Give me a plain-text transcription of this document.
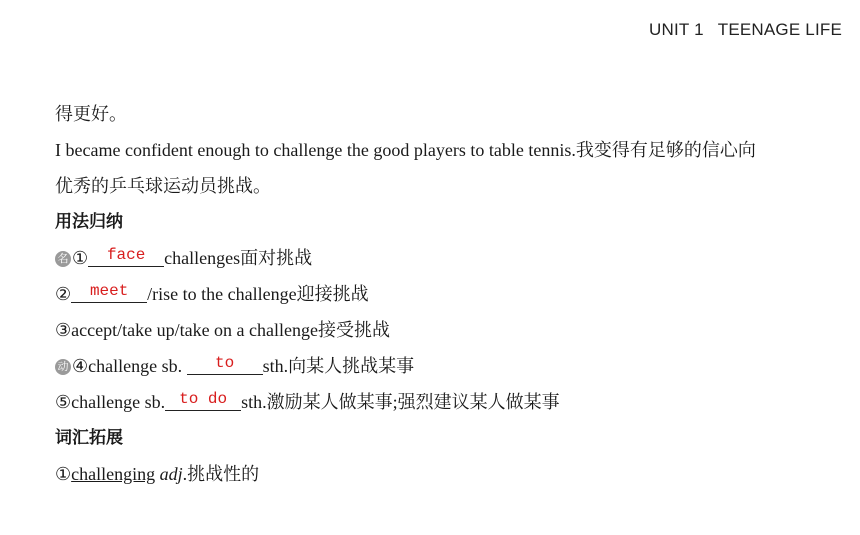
UNIT 1 TEENAGE LIFE
得更好。
I became confident enough to challenge the good players to table tennis.我变得有足够的信心向
优秀的乒乓球运动员挑战。
用法归纳
名 ①	face	challenges面对挑战
②	meet	/rise to the challenge迎接挑战
③accept/take up/take on a challenge接受挑战
动 ④challenge sb.	to	sth.向某人挑战某事
⑤challenge sb. to do sth.激励某人做某事;强烈建议某人做某事
词汇拓展
①challenging adj.挑战性的
